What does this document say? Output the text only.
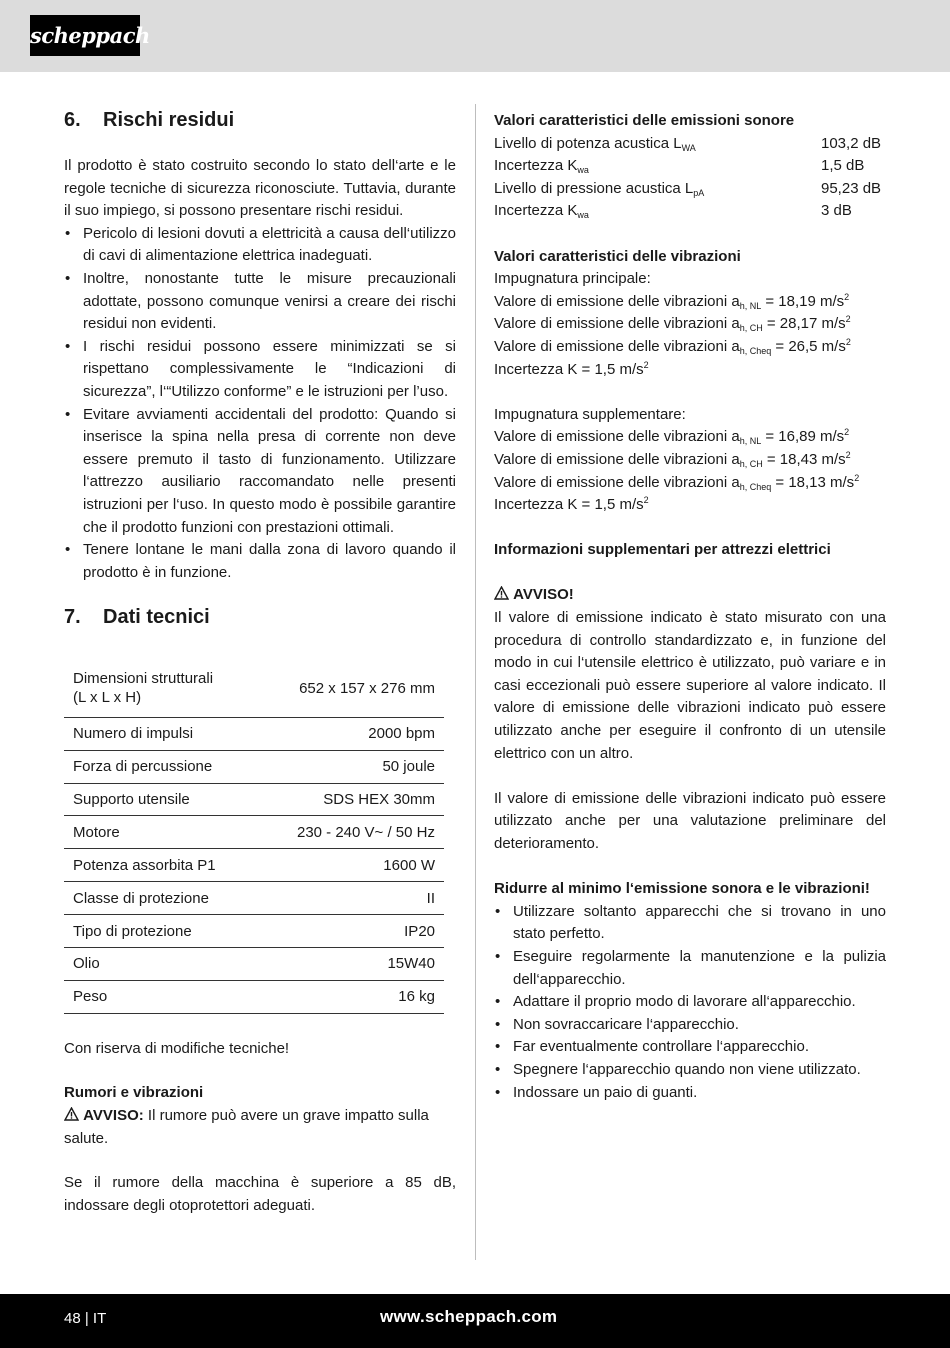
scheppach
6.	Rischi residui

Il prodotto è stato costruito secondo lo stato dell‘arte e le regole tecniche di sicurezza riconosciute. Tuttavia, durante il suo impiego, si possono presentare rischi residui.

• Pericolo di lesioni dovuti a elettricità a causa dell‘utilizzo di cavi di alimentazione elettrica inadeguati.
• Inoltre, nonostante tutte le misure precauzionali adottate, possono comunque venirsi a creare dei rischi residui non evidenti.
• I rischi residui possono essere minimizzati se si rispettano complessivamente le “Indicazioni di sicurezza”, l‘“Utilizzo conforme” e le istruzioni per l’uso.
• Evitare avviamenti accidentali del prodotto: Quando si inserisce la spina nella presa di corrente non deve essere premuto il tasto di funzionamento. Utilizzare l‘attrezzo ausiliario raccomandato nelle presenti istruzioni per l‘uso. In questo modo è possibile garantire che il prodotto funzioni con prestazioni ottimali.
• Tenere lontane le mani dalla zona di lavoro quando il prodotto è in funzione.
7.	Dati tecnici
Dimensioni strutturali
(L x L x H)	652 x 157 x 276 mm
Numero di impulsi	2000 bpm
Forza di percussione	50 joule
Supporto utensile	SDS HEX 30mm
Motore	230 - 240 V~ / 50 Hz
Potenza assorbita P1	1600 W
Classe di protezione	II
Tipo di protezione	IP20
Olio	15W40
Peso	16 kg

Con riserva di modifiche tecniche!

Rumori e vibrazioni

AVVISO: Il rumore può avere un grave impatto sulla salute.

Se il rumore della macchina è superiore a 85 dB, indossare degli otoprotettori adeguati.

Valori caratteristici delle emissioni sonore

Livello di potenza acustica $L_{WA}$	103,2 dB
Incertezza $K_{wa}$	1,5 dB
Livello di pressione acustica $L_{pA}$	95,23 dB
Incertezza $K_{wa}$	3 dB

Valori caratteristici delle vibrazioni

Impugnatura principale:

Valore di emissione delle vibrazioni $a_{h, NL} = 18,19$ $m/s^2$

Valore di emissione delle vibrazioni $a_{h, CH} = 28,17$ $m/s^2$

Valore di emissione delle vibrazioni $a_{h, Cheq} = 26,5$ $m/s^2$

Incertezza K = 1,5 $m/s^2$

Impugnatura supplementare:

Valore di emissione delle vibrazioni $a_{h, NL} = 16,89$ $m/s^2$

Valore di emissione delle vibrazioni $a_{h, CH} = 18,43$ $m/s^2$

Valore di emissione delle vibrazioni $a_{h, Cheq} = 18,13$ $m/s^2$

Incertezza K = 1,5 $m/s^2$

Informazioni supplementari per attrezzi elettrici

AVVISO!

Il valore di emissione indicato è stato misurato con una procedura di controllo standardizzato e, in funzione del modo in cui l‘utensile elettrico è utilizzato, può variare e in casi eccezionali può essere superiore al valore indicato. Il valore di emissione delle vibrazioni indicato può essere utilizzato anche per eseguire il confronto di un utensile elettrico con un altro.

Il valore di emissione delle vibrazioni indicato può essere utilizzato anche per una valutazione preliminare del deterioramento.

Ridurre al minimo l‘emissione sonora e le vibrazioni!

• Utilizzare soltanto apparecchi che si trovano in uno stato perfetto.
• Eseguire regolarmente la manutenzione e la pulizia dell‘apparecchio.
• Adattare il proprio modo di lavorare all‘apparecchio.
• Non sovraccaricare l‘apparecchio.
• Far eventualmente controllare l‘apparecchio.
• Spegnere l‘apparecchio quando non viene utilizzato.
• Indossare un paio di guanti.
48 | IT	www.scheppach.com
